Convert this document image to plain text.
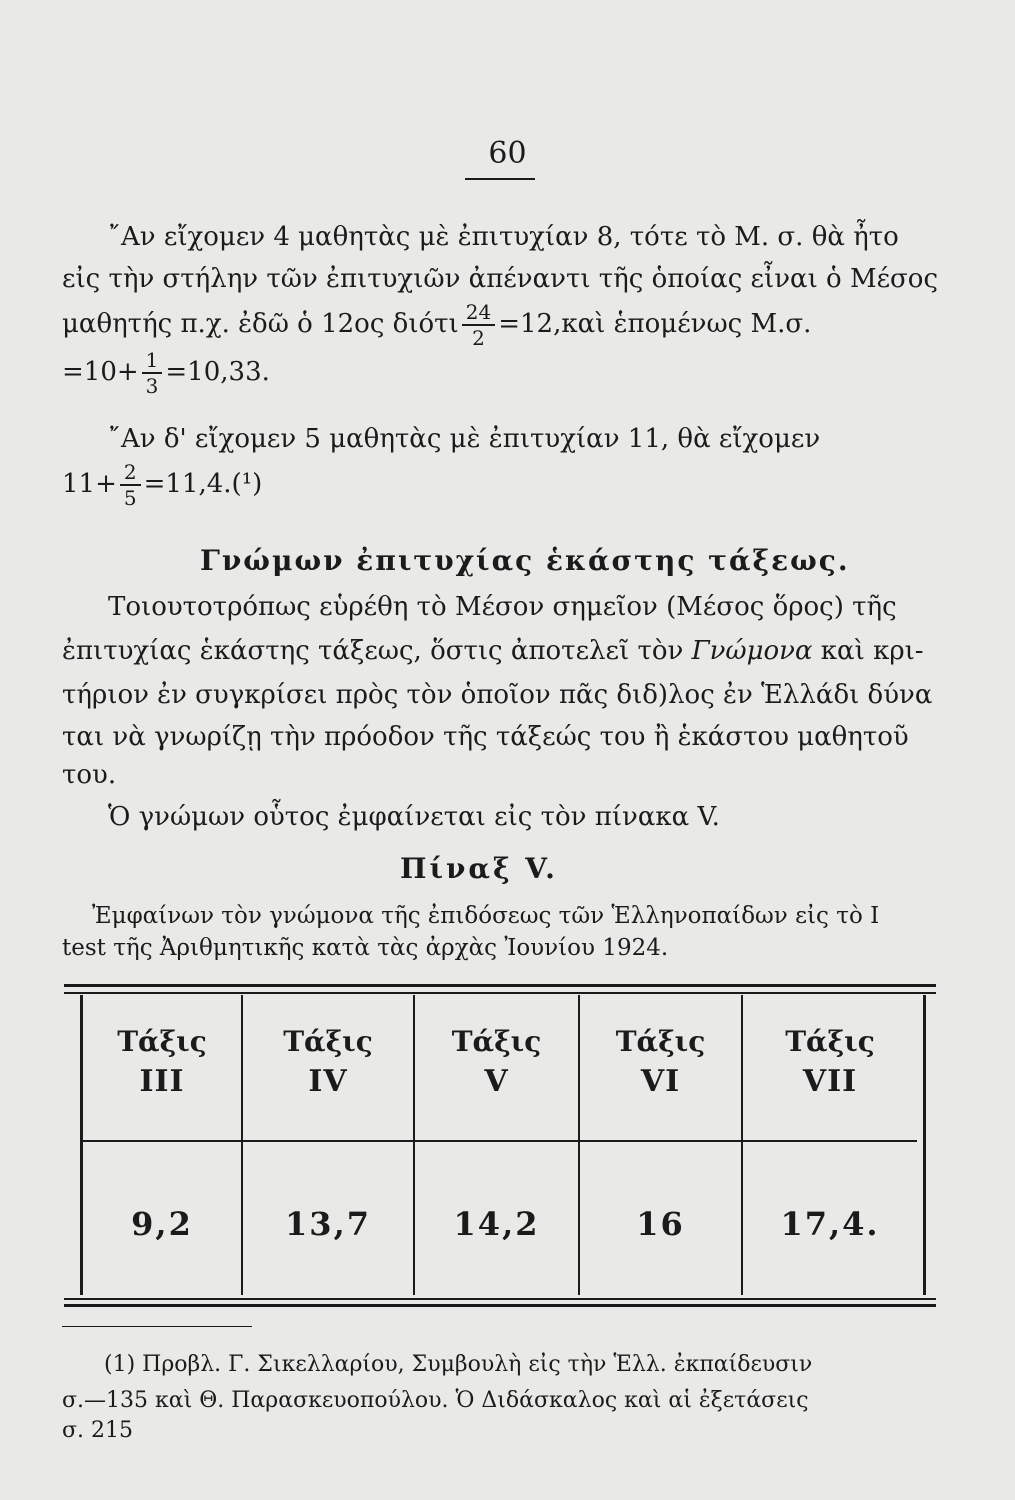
60
῎Αν εἴχομεν 4 μαθητὰς μὲ ἐπιτυχίαν 8, τότε τὸ Μ. σ. θὰ ἦτο
εἰς τὴν στήλην τῶν ἐπιτυχιῶν ἀπέναντι τῆς ὁποίας εἶναι ὁ Μέσος
μαθητής π.χ. ἐδῶ ὁ 12ος διότι $\frac{24}{2}$ =12,καὶ ἑπομένως Μ.σ.
$=10+ \frac{1}{3} =10,33$.
῎Αν δ' εἴχομεν 5 μαθητὰς μὲ ἐπιτυχίαν 11, θὰ εἴχομεν
$11+ \frac{2}{5} =11,4.(^1)$
Γνώμων ἐπιτυχίας ἑκάστης τάξεως.
Τοιουτοτρόπως εὑρέθη τὸ Μέσον σημεῖον (Μέσος ὅρος) τῆς
ἐπιτυχίας ἑκάστης τάξεως, ὅστις ἀποτελεῖ τὸν Γνώμονα καὶ κρι-
τήριον ἐν συγκρίσει πρὸς τὸν ὁποῖον πᾶς διδ)λος ἐν Ἑλλάδι δύνα
ται νὰ γνωρίζῃ τὴν πρόοδον τῆς τάξεώς του ἢ ἑκάστου μαθητοῦ
του.
Ὁ γνώμων οὗτος ἐμφαίνεται εἰς τὸν πίνακα V.
Πίναξ V.
Ἐμφαίνων τὸν γνώμονα τῆς ἐπιδόσεως τῶν Ἑλληνοπαίδων εἰς τὸ I
test τῆς Ἀριθμητικῆς κατὰ τὰς ἀρχὰς Ἰουνίου 1924.
Τάξις
III
9,2
Τάξις
IV
13,7
Τάξις
V
14,2
Τάξις
VI
16
Τάξις
VII
17,4.
(1) Προβλ. Γ. Σικελλαρίου, Συμβουλὴ εἰς τὴν Ἑλλ. ἐκπαίδευσιν
σ.—135 καὶ Θ. Παρασκευοπούλου. Ὁ Διδάσκαλος καὶ αἱ ἐξετάσεις
σ. 215
